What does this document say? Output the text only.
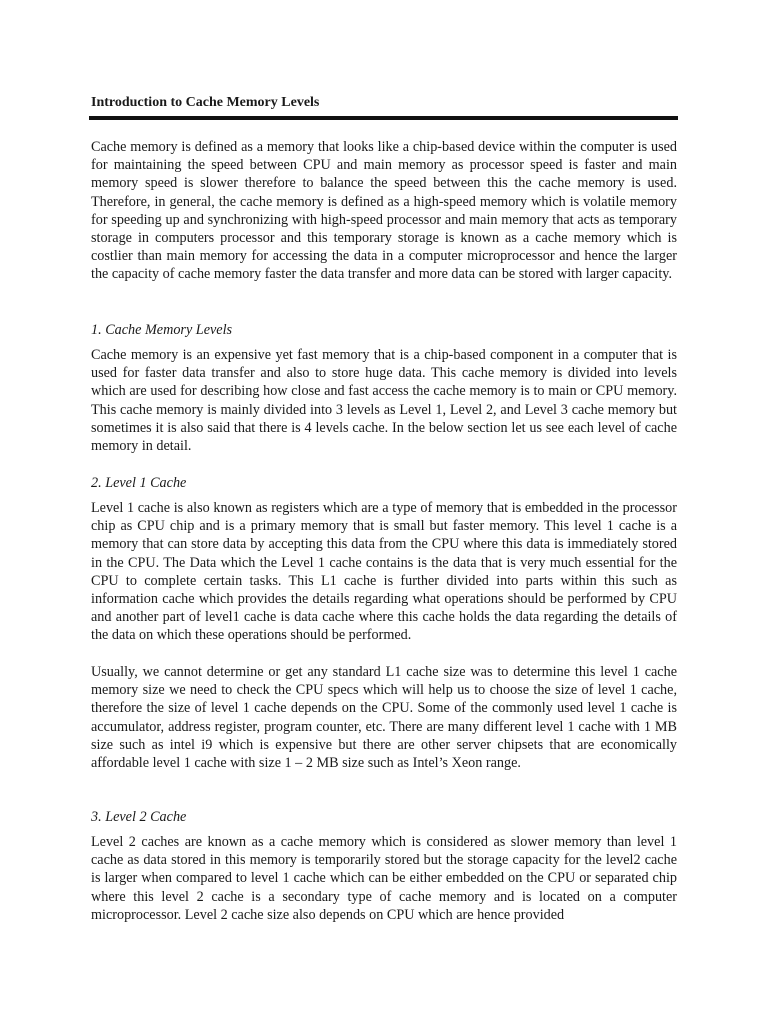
Introduction to Cache Memory Levels

Cache memory is defined as a memory that looks like a chip-based device within the computer is used for maintaining the speed between CPU and main memory as processor speed is faster and main memory speed is slower therefore to balance the speed between this the cache memory is used. Therefore, in general, the cache memory is defined as a high-speed memory which is volatile memory for speeding up and synchronizing with high-speed processor and main memory that acts as temporary storage in computers processor and this temporary storage is known as a cache memory which is costlier than main memory for accessing the data in a computer microprocessor and hence the larger the capacity of cache memory faster the data transfer and more data can be stored with larger capacity.

1. Cache Memory Levels

Cache memory is an expensive yet fast memory that is a chip-based component in a computer that is used for faster data transfer and also to store huge data. This cache memory is divided into levels which are used for describing how close and fast access the cache memory is to main or CPU memory. This cache memory is mainly divided into 3 levels as Level 1, Level 2, and Level 3 cache memory but sometimes it is also said that there is 4 levels cache. In the below section let us see each level of cache memory in detail.

2. Level 1 Cache

Level 1 cache is also known as registers which are a type of memory that is embedded in the processor chip as CPU chip and is a primary memory that is small but faster memory. This level 1 cache is a memory that can store data by accepting this data from the CPU where this data is immediately stored in the CPU. The Data which the Level 1 cache contains is the data that is very much essential for the CPU to complete certain tasks. This L1 cache is further divided into parts within this such as information cache which provides the details regarding what operations should be performed by CPU and another part of level1 cache is data cache where this cache holds the data regarding the details of the data on which these operations should be performed.

Usually, we cannot determine or get any standard L1 cache size was to determine this level 1 cache memory size we need to check the CPU specs which will help us to choose the size of level 1 cache, therefore the size of level 1 cache depends on the CPU. Some of the commonly used level 1 cache is accumulator, address register, program counter, etc. There are many different level 1 cache with 1 MB size such as intel i9 which is expensive but there are other server chipsets that are economically affordable level 1 cache with size 1 – 2 MB size such as Intel’s Xeon range.

3. Level 2 Cache

Level 2 caches are known as a cache memory which is considered as slower memory than level 1 cache as data stored in this memory is temporarily stored but the storage capacity for the level2 cache is larger when compared to level 1 cache which can be either embedded on the CPU or separated chip where this level 2 cache is a secondary type of cache memory and is located on a computer microprocessor. Level 2 cache size also depends on CPU which are hence provided
